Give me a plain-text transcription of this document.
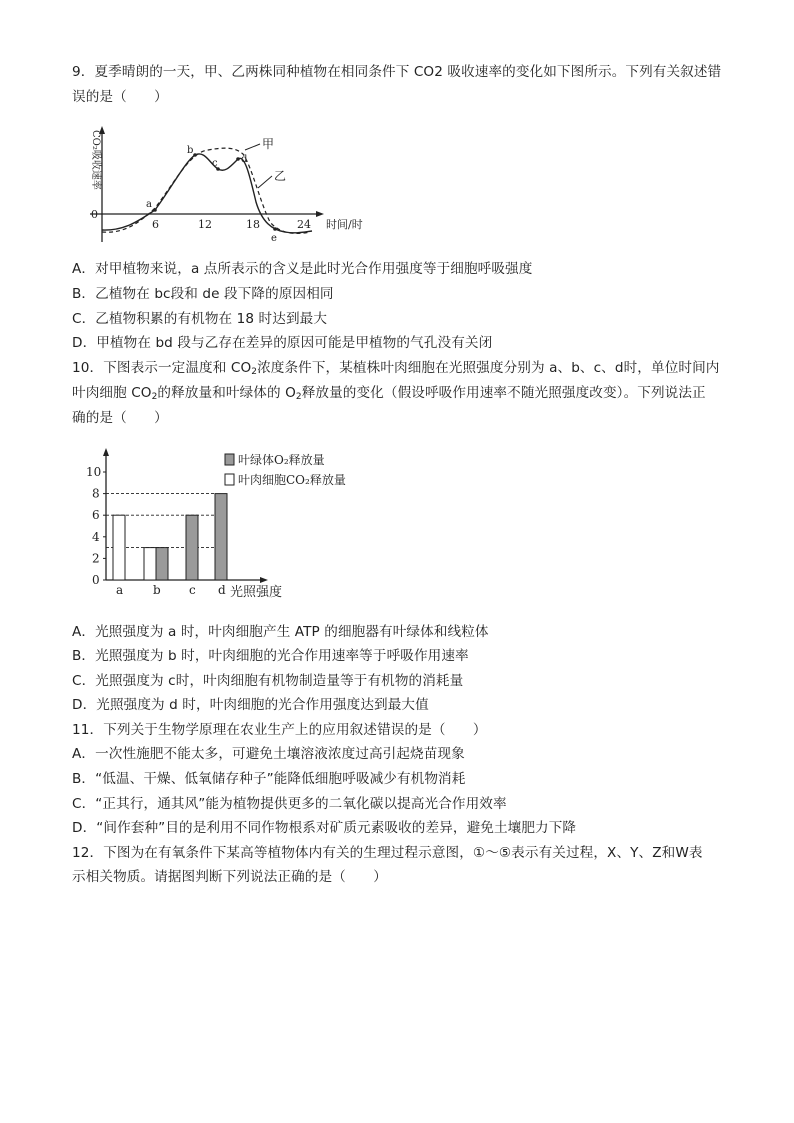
9．夏季晴朗的一天，甲、乙两株同种植物在相同条件下 CO2 吸收速率的变化如下图所示。下列有关叙述错
误的是（　　）
CO₂吸收速率
0
6	12	18	24 时间/时
a
b
c d
e
甲
乙
A．对甲植物来说，a 点所表示的含义是此时光合作用强度等于细胞呼吸强度
B．乙植物在 bc段和 de 段下降的原因相同
C．乙植物积累的有机物在 18 时达到最大
D．甲植物在 bd 段与乙存在差异的原因可能是甲植物的气孔没有关闭
10．下图表示一定温度和 $CO_2$浓度条件下，某植株叶肉细胞在光照强度分别为 a、b、c、d时，单位时间内
叶肉细胞 $CO_2$的释放量和叶绿体的 $O_2$释放量的变化（假设呼吸作用速率不随光照强度改变）。下列说法正
确的是（　　）
0
2
4
6
8
10
a b c d 光照强度
叶绿体O₂释放量
叶肉细胞CO₂释放量
A．光照强度为 a 时，叶肉细胞产生 ATP 的细胞器有叶绿体和线粒体
B．光照强度为 b 时，叶肉细胞的光合作用速率等于呼吸作用速率
C．光照强度为 c时，叶肉细胞有机物制造量等于有机物的消耗量
D．光照强度为 d 时，叶肉细胞的光合作用强度达到最大值
11．下列关于生物学原理在农业生产上的应用叙述错误的是（　　）
A．一次性施肥不能太多，可避免土壤溶液浓度过高引起烧苗现象
B．“低温、干燥、低氧储存种子”能降低细胞呼吸减少有机物消耗
C．“正其行，通其风”能为植物提供更多的二氧化碳以提高光合作用效率
D．“间作套种”目的是利用不同作物根系对矿质元素吸收的差异，避免土壤肥力下降
12．下图为在有氧条件下某高等植物体内有关的生理过程示意图，①～⑤表示有关过程，X、Y、Z和W表
示相关物质。请据图判断下列说法正确的是（　　）
